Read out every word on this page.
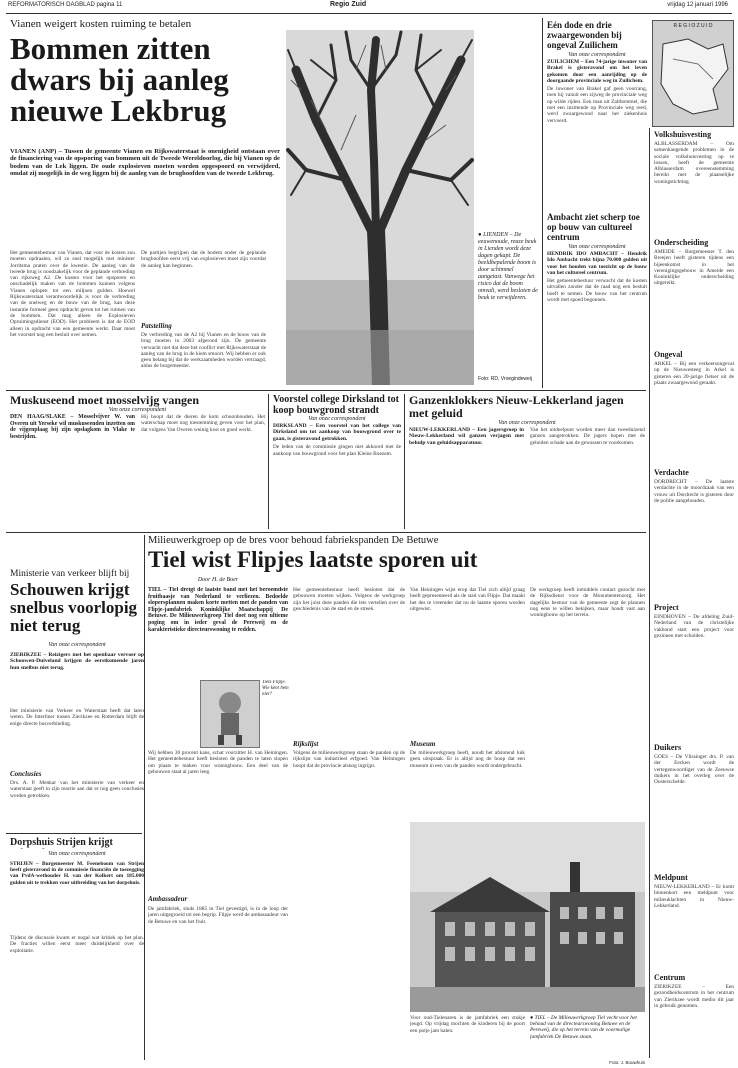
REFORMATORISCH DAGBLAD pagina 11	Regio Zuid	vrijdag 12 januari 1996
Vianen weigert kosten ruiming te betalen
Bommen zitten dwars bij aanleg nieuwe Lekbrug
VIANEN (ANP) – Tussen de gemeente Vianen en Rijkswaterstaat is onenigheid ontstaan over de financiering van de opsporing van bommen uit de Tweede Wereldoorlog, die bij Vianen op de bodem van de Lek liggen. De oude explosieven moeten worden opgespoord en verwijderd, omdat zij mogelijk in de weg liggen bij de aanleg van de brughoofden van de tweede Lekbrug.
Het gemeentebestuur van Vianen, dat voor de kosten zou moeten opdraaien, wil zo snel mogelijk met minister Jorritsma praten over de kwestie. De aanleg van de tweede brug is noodzakelijk voor de geplande verbreding van rijksweg A2. De kosten voor het opsporen en onschadelijk maken van de bommen kunnen volgens Vianen oplopen tot een miljoen gulden. Hoewel Rijkswaterstaat verantwoordelijk is voor de verbreding van de snelweg en de bouw van de brug, kan deze instantie formeel geen opdracht geven tot het ruimen van de bommen. Dat mag alleen de Explosieven Opruimingsdienst (EOD). Het probleem is dat de EOD alleen in opdracht van een gemeente werkt. Daar moet het voorstel nog een besluit over nemen.
De partijen begrijpen dat de bodem onder de geplande brughoofden eerst vrij van explosieven moet zijn voordat de aanleg kan beginnen.
Patstelling
De verbreding van de A2 bij Vianen en de bouw van de brug moeten in 2003 afgerond zijn. De gemeente verwacht niet dat deze het conflict met Rijkswaterstaat de aanleg van de brug in de kiem smoort. Wij hebben er ook geen belang bij dat de werkzaamheden worden vertraagd, aldus de burgemeester.
● LIENDEN – De eeuwenoude, reuze beuk in Lienden wordt deze dagen gekapt. De beeldbepalende boom is door schimmel aangetast. Vanwege het risico dat de boom omvalt, werd besloten de beuk te verwijderen.
Foto: RD, Vroegindeweij
Eén dode en drie zwaargewonden bij ongeval Zuilichem
Van onze correspondent
ZUILICHEM – Een 74-jarige inwoner van Brakel is gisteravond om het leven gekomen door een aanrijding op de doorgaande provinciale weg in Zuilichem.
De inwoner van Brakel gaf geen voorrang, toen hij vanuit een zijweg de provinciale weg op wilde rijden. Een man uit Zaltbommel, die met een inzittende op Provinciale weg reed, werd zwaargewond naar het ziekenhuis vervoerd.
Ambacht ziet scherp toe op bouw van cultureel centrum
Van onze correspondent
HENDRIK IDO AMBACHT – Hendrik Ido Ambacht trekt bijna 70.000 gulden uit voor het houden van toezicht op de bouw van het cultureel centrum.
Het gemeentebestuur verwacht dat de kosten uitvallen zonder dat de raad nog een besluit hoeft te nemen. De bouw van het centrum wordt met spoed begonnen.
R E G I O Z U I D
Volkshuisvesting
ALBLASSERDAM – Om samenhangende problemen in de sociale volkshuisvesting op te lossen, heeft de gemeente Alblasserdam overeenstemming bereikt met de plaatselijke woningstichting.
Onderscheiding
AMEIDE – Burgemeester T. den Breejen heeft gisteren tijdens een bijeenkomst in het verenigingsgebouw in Ameide een Koninklijke onderscheiding uitgereikt.
Ongeval
ARKEL – Bij een verkeersongeval op de Nieuwesteeg in Arkel is gisteren een 20-jarige fietser uit de plaats zwaargewond geraakt.
Verdachte
DORDRECHT – De laatste verdachte in de moordzaak van een vrouw uit Dordrecht is gisteren door de politie aangehouden.
Project
EINDHOVEN – De afdeling Zuid-Nederland van de christelijke vakbond start een project voor gezinnen met schulden.
Duikers
GOES – De Vlissinger drs. P. van der Eecken wordt de vertegenwoordiger van de Zeeuwse duikers in het overleg over de Oosterschelde.
Meldpunt
NIEUW-LEKKERLAND – Er komt binnenkort een meldpunt voor milieuklachten in Nieuw-Lekkerland.
Centrum
ZIERIKZEE – Een gezondheidscentrum in het centrum van Zierikzee wordt medio dit jaar in gebruik genomen.
Muskuseend moet mosselvijg vangen
Van onze correspondent
DEN HAAG/SLAKE – Mosselvijver W. van Overen uit Yerseke wil muskuseenden inzetten om de vijgenplaag bij zijn opslagkom in Vlake te bestrijden.
Hij hoopt dat de dieren de kom schoonhouden. Het waterschap moet nog toestemming geven voor het plan, dat volgens Van Overen weinig kost en goed werkt.
Voorstel college Dirksland tot koop bouwgrond strandt
Van onze correspondent
DIRKSLAND – Een voorstel van het college van Dirksland om tot aankoop van bouwgrond over te gaan, is gisteravond getrokken.
De leden van de commissie gingen niet akkoord met de aankoop van bouwgrond voor het plan Kleine Boezem.
Ganzenklokkers Nieuw-Lekkerland jagen met geluid
Van onze correspondent
NIEUW-LEKKERLAND – Een jagersgroep in Nieuw-Lekkerland wil ganzen verjagen met behulp van geluidsapparatuur.
Van het uitdeelpunt worden meer dan tweeduizend ganzen aangetrokken. De jagers hopen met de geluiden schade aan de gewassen te voorkomen.
Milieuwerkgroep op de bres voor behoud fabriekspanden De Betuwe
Tiel wist Flipjes laatste sporen uit
Door H. de Boer
TIEL – Tiel dreigt de laatste band met het beroemdste fruitbaasje van Nederland te verliezen. Bedoelde slopersplannen maken korte metten met de panden van Flipje-jamfabriek Koninklijke Maatschappij De Betuwe. De Milieuwerkgroep Tiel doet nog een ultieme poging om in ieder geval de Pereweij en de karakteristieke directeurswoning te redden.
Tiels Flipje. Wie kent hem niet?
Wij hebben 30 procent kans, schat voorzitter H. van Heiningen. Het gemeentebestuur heeft besloten de panden te laten slopen om plaats te maken voor woningbouw. Een deel van de gebouwen staat al jaren leeg.
Ambassadeur
De jamfabriek, sinds 1885 in Tiel gevestigd, is in de loop der jaren uitgegroeid tot een begrip. Flipje werd de ambassadeur van de Betuwe en van het fruit.
Het gemeentebestuur heeft besloten dat de gebouwen moeten wijken. Volgens de werkgroep zijn het juist deze panden die iets vertellen over de geschiedenis van de stad en de streek.
Rijkslijst
Volgens de milieuwerkgroep staan de panden op de rijkslijst van industrieel erfgoed. Van Heiningen hoopt dat de provincie alsnog ingrijpt.
Van Heiningen wijst erop dat Tiel zich altijd graag heeft gepresenteerd als de stad van Flipje. Dat maakt het des te vreemder dat nu de laatste sporen worden uitgewist.
Museum
De milieuwerkgroep heeft, noodt het afstotend luik geen uitspraak. Er is altijd nog de hoop dat een museum in een van de panden wordt ondergebracht.
De werkgroep heeft inmiddels contact gezocht met de Rijksdienst voor de Monumentenzorg. Het dagelijks bestuur van de gemeente zegt de plannen nog eens te willen bekijken, maar houdt vast aan woningbouw op het terrein.
● TIEL – De Milieuwerkgroep Tiel vecht voor het behoud van de directeurswoning Betuwe en de Pereweij, die op het terrein van de voormalige jamfabriek De Betuwe staan.
Voor oud-Tielenaren is de jamfabriek een stukje jeugd. Op vrijdag mochten de kinderen bij de poort een potje jam halen.
Foto: J. Bouwhuis
Ministerie van verkeer blijft bij
Schouwen krijgt snelbus voorlopig niet terug
Van onze correspondent
ZIERIKZEE – Reizigers met het openbaar vervoer op Schouwen-Duiveland krijgen de eerstkomende jaren hun snelbus niet terug.
Het ministerie van Verkeer en Waterstaat heeft dat laten weten. De Interliner tussen Zierikzee en Rotterdam blijft de enige directe busverbinding.
Conclusies
Drs. A. P. Menkar van het ministerie van verkeer en waterstaat geeft in zijn reactie aan dat er nog geen conclusies worden getrokken.
Dorpshuis Strijen krijgt
Van onze correspondent
STRIJEN – Burgemeester M. Feeneboom van Strijen heeft gisteravond in de commissie financiën de toezegging van PvdA-wethouder H. van der Kolkert om 185.000 gulden uit te trekken voor uitbreiding van het dorpshuis.
Tijdens de discussie kwam er nogal wat kritiek op het plan. De fracties willen eerst meer duidelijkheid over de exploitatie.
